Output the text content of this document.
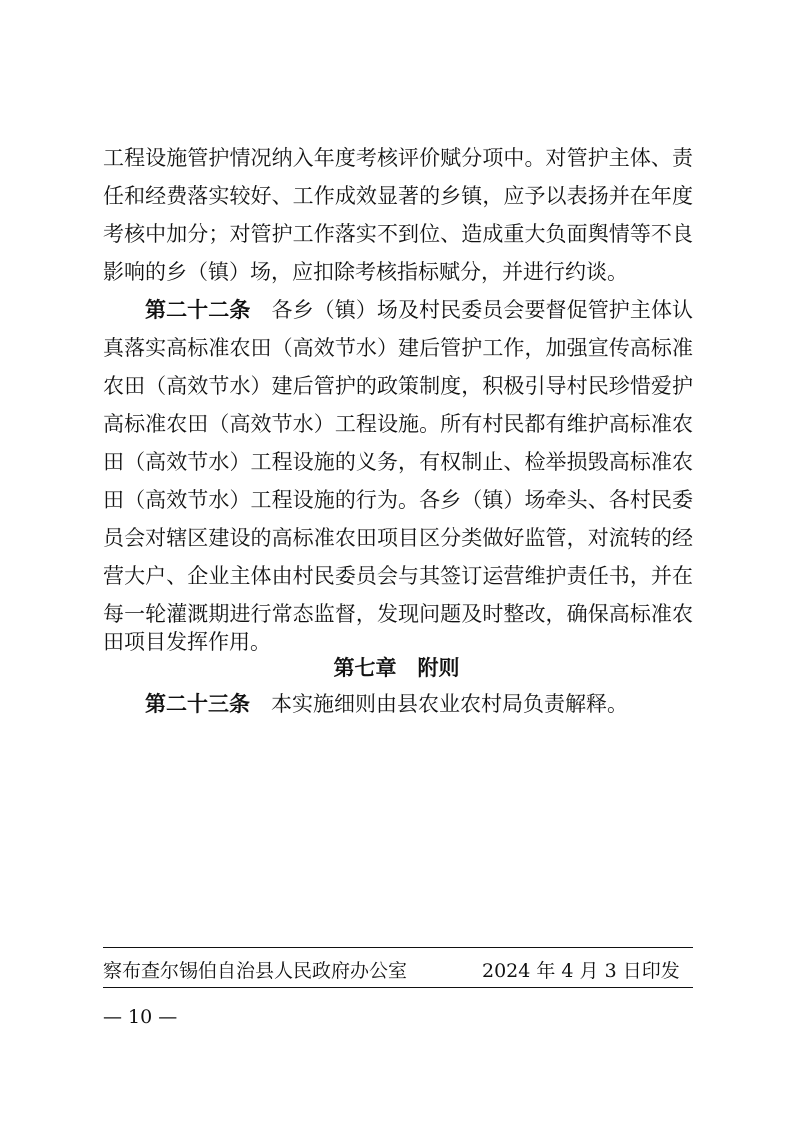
工程设施管护情况纳入年度考核评价赋分项中。对管护主体、责
任和经费落实较好、工作成效显著的乡镇，应予以表扬并在年度
考核中加分；对管护工作落实不到位、造成重大负面舆情等不良
影响的乡（镇）场，应扣除考核指标赋分，并进行约谈。
第二十二条　 各乡（镇）场及村民委员会要督促管护主体认
真落实高标准农田（高效节水）建后管护工作，加强宣传高标准
农田（高效节水）建后管护的政策制度，积极引导村民珍惜爱护
高标准农田（高效节水）工程设施。所有村民都有维护高标准农
田（高效节水）工程设施的义务，有权制止、检举损毁高标准农
田（高效节水）工程设施的行为。各乡（镇）场牵头、各村民委
员会对辖区建设的高标准农田项目区分类做好监管，对流转的经
营大户、企业主体由村民委员会与其签订运营维护责任书，并在
每一轮灌溉期进行常态监督，发现问题及时整改，确保高标准农
田项目发挥作用。
第七章　附则
第二十三条　 本实施细则由县农业农村局负责解释。
察布查尔锡伯自治县人民政府办公室	2024 年 4 月 3 日印发
— 10 —
